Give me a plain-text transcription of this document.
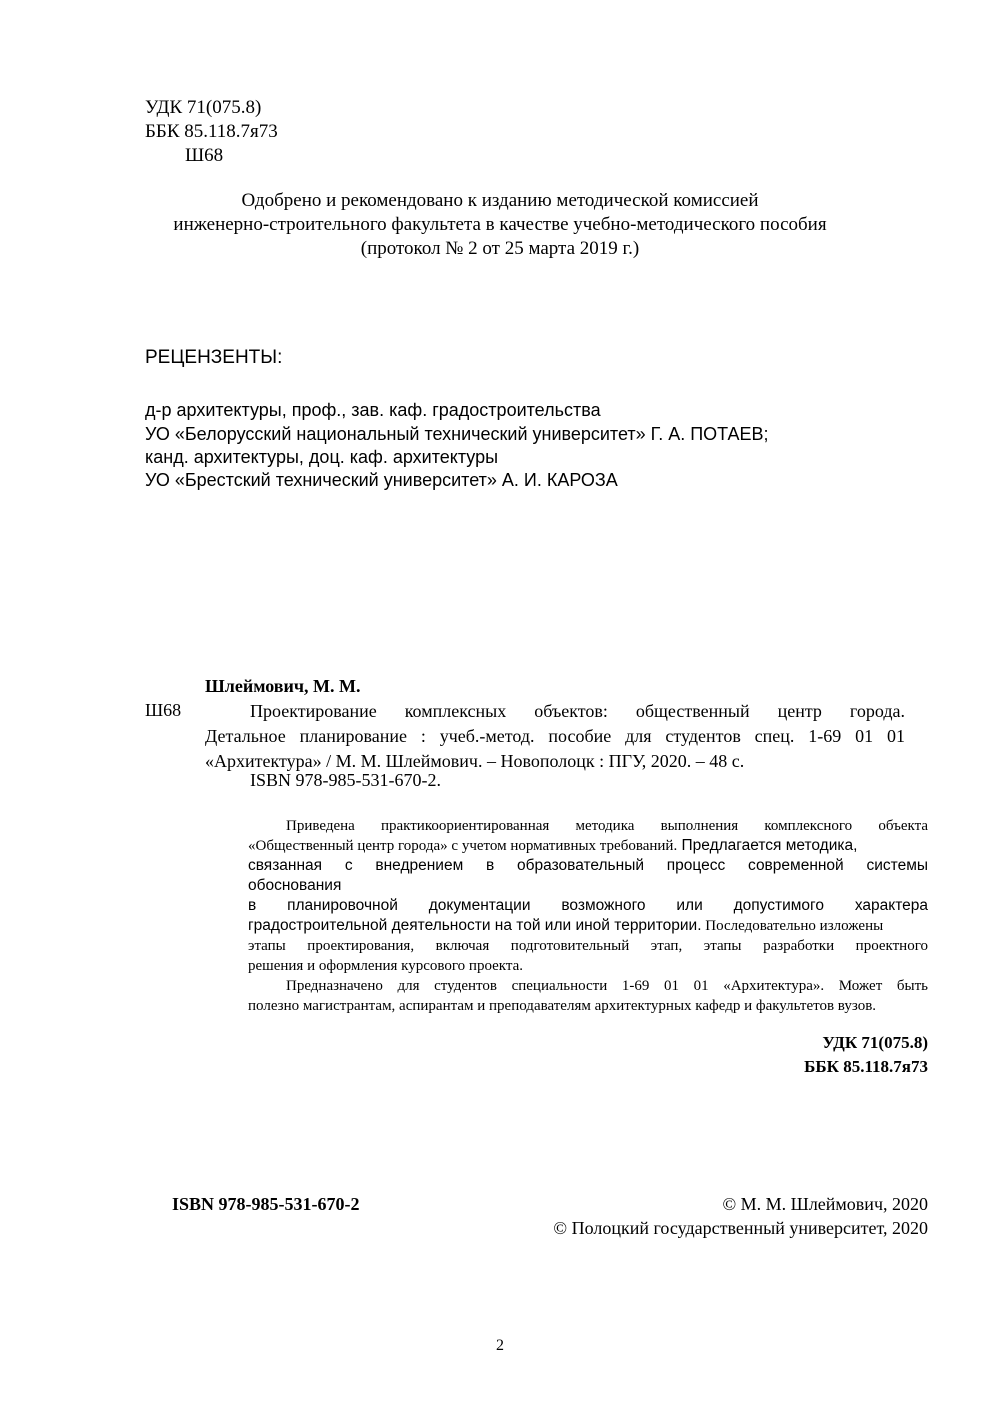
УДК 71(075.8)
ББК 85.118.7я73
Ш68
Одобрено и рекомендовано к изданию методической комиссией
инженерно-строительного факультета в качестве учебно-методического пособия
(протокол № 2 от 25 марта 2019 г.)
РЕЦЕНЗЕНТЫ:
д-р архитектуры, проф., зав. каф. градостроительства
УО «Белорусский национальный технический университет» Г. А. ПОТАЕВ;
канд. архитектуры, доц. каф. архитектуры
УО «Брестский технический университет» А. И. КАРОЗА
Шлеймович, М. М.
Ш68	Проектирование комплексных объектов: общественный центр города.
Детальное планирование : учеб.-метод. пособие для студентов спец. 1-69 01 01
«Архитектура» / М. М. Шлеймович. – Новополоцк : ПГУ, 2020. – 48 с.
ISBN 978-985-531-670-2.
Приведена практикоориентированная методика выполнения комплексного объекта
«Общественный центр города» с учетом нормативных требований. Предлагается методика,
связанная с внедрением в образовательный процесс современной системы
обоснования
в планировочной документации возможного или допустимого характера
градостроительной деятельности на той или иной территории. Последовательно изложены
этапы проектирования, включая подготовительный этап, этапы разработки проектного
решения и оформления курсового проекта.
Предназначено для студентов специальности 1-69 01 01 «Архитектура». Может быть
полезно магистрантам, аспирантам и преподавателям архитектурных кафедр и факультетов вузов.
УДК 71(075.8)
ББК 85.118.7я73
ISBN 978-985-531-670-2	© М. М. Шлеймович, 2020
© Полоцкий государственный университет, 2020
2
